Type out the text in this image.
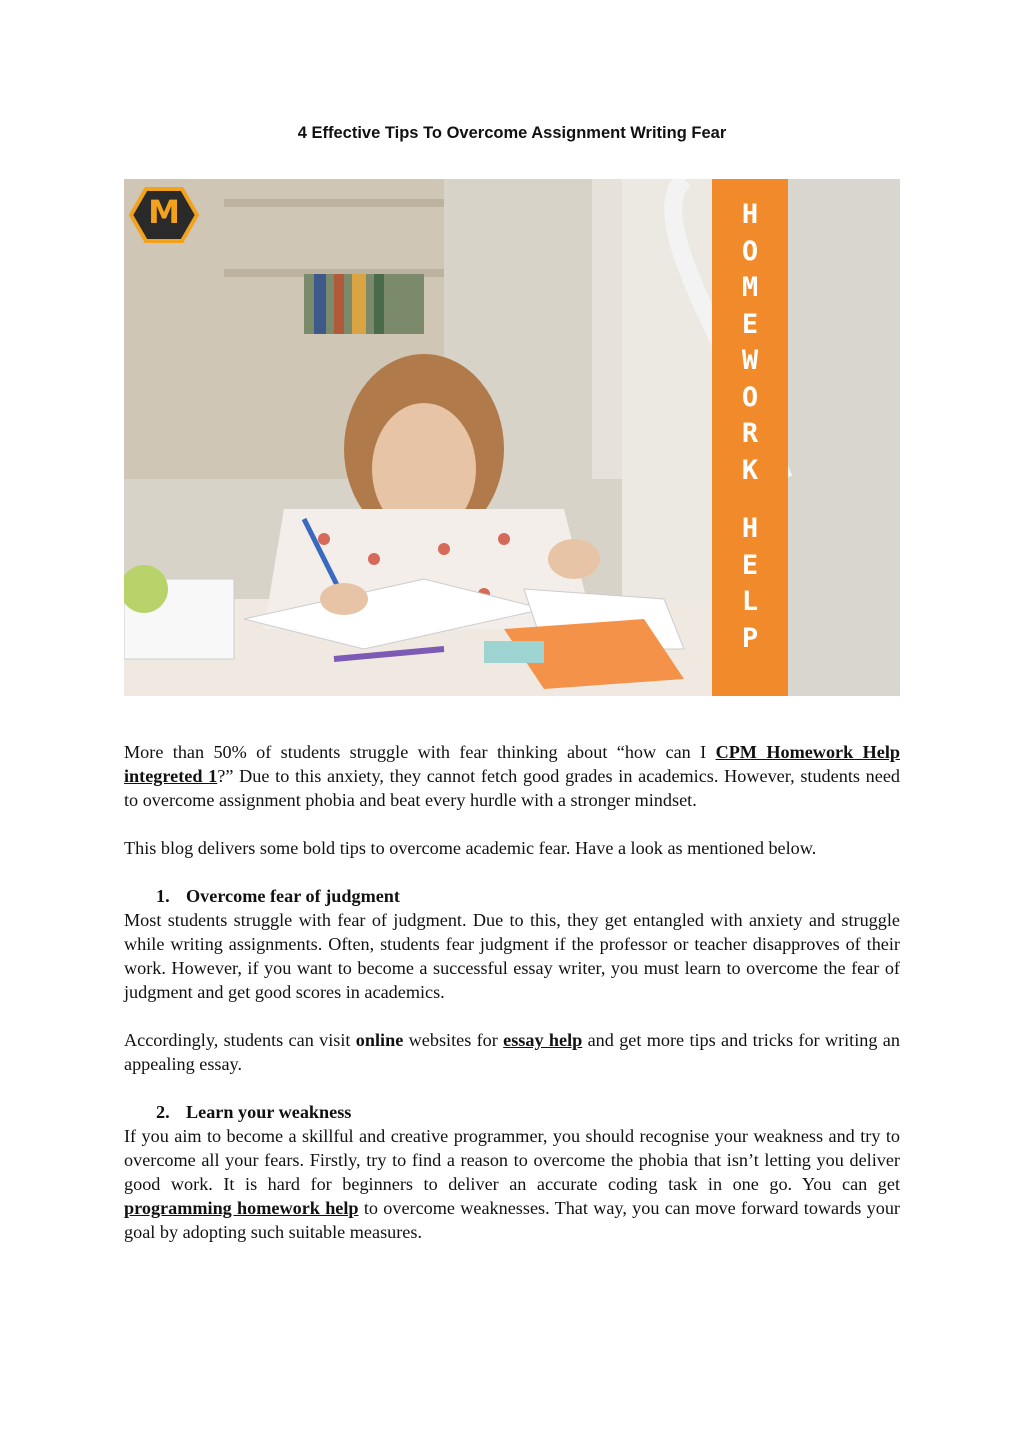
4 Effective Tips To Overcome Assignment Writing Fear
M	H
O
M
E
W
O
R
K
H
E
L
P

More than 50% of students struggle with fear thinking about “how can I CPM Homework Help integreted 1?” Due to this anxiety, they cannot fetch good grades in academics. However, students need to overcome assignment phobia and beat every hurdle with a stronger mindset.

This blog delivers some bold tips to overcome academic fear. Have a look as mentioned below.

1. Overcome fear of judgment

Most students struggle with fear of judgment. Due to this, they get entangled with anxiety and struggle while writing assignments. Often, students fear judgment if the professor or teacher disapproves of their work. However, if you want to become a successful essay writer, you must learn to overcome the fear of judgment and get good scores in academics.

Accordingly, students can visit online websites for essay help and get more tips and tricks for writing an appealing essay.

2. Learn your weakness

If you aim to become a skillful and creative programmer, you should recognise your weakness and try to overcome all your fears. Firstly, try to find a reason to overcome the phobia that isn’t letting you deliver good work. It is hard for beginners to deliver an accurate coding task in one go. You can get programming homework help to overcome weaknesses. That way, you can move forward towards your goal by adopting such suitable measures.
